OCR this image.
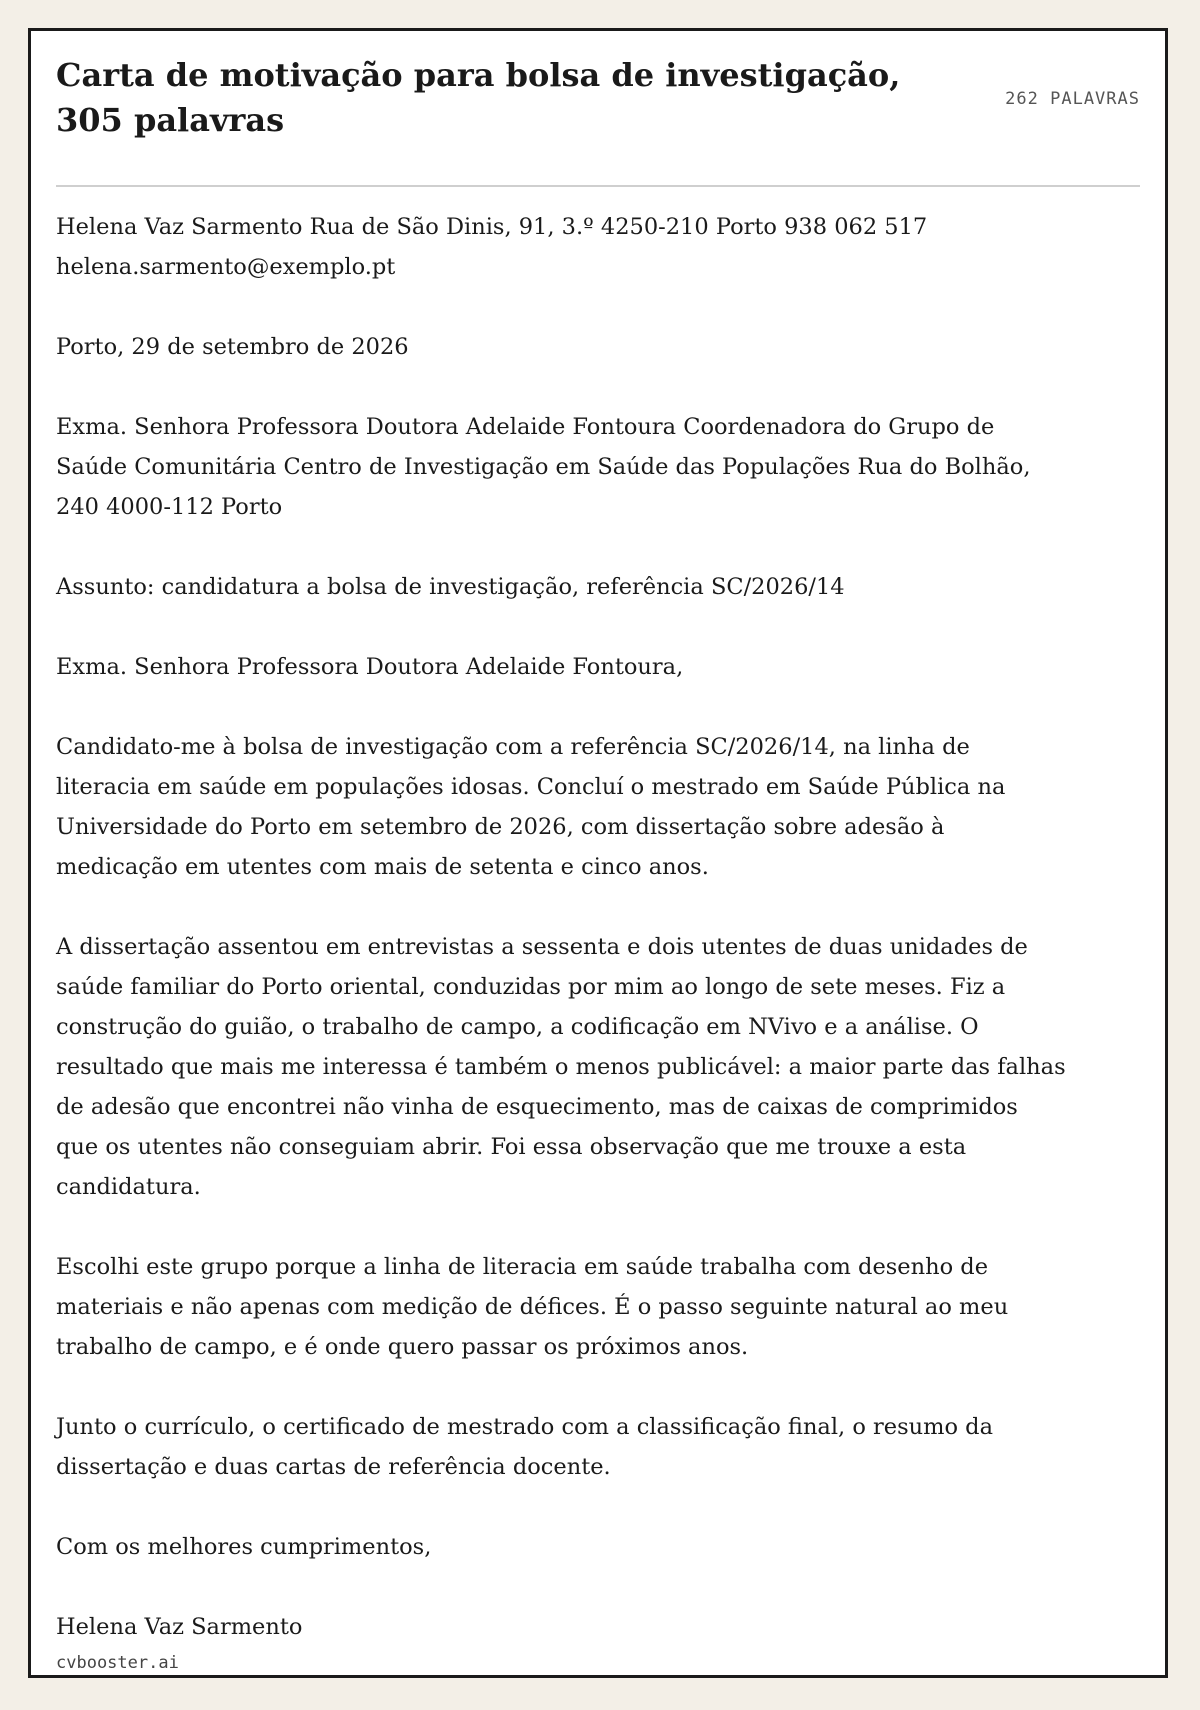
Carta de motivação para bolsa de investigação, 305 palavras
262 PALAVRAS

Helena Vaz Sarmento Rua de São Dinis, 91, 3.º 4250-210 Porto 938 062 517 helena.sarmento@exemplo.pt

Porto, 29 de setembro de 2026

Exma. Senhora Professora Doutora Adelaide Fontoura Coordenadora do Grupo de Saúde Comunitária Centro de Investigação em Saúde das Populações Rua do Bolhão, 240 4000-112 Porto

Assunto: candidatura a bolsa de investigação, referência SC/2026/14

Exma. Senhora Professora Doutora Adelaide Fontoura,

Candidato-me à bolsa de investigação com a referência SC/2026/14, na linha de literacia em saúde em populações idosas. Concluí o mestrado em Saúde Pública na Universidade do Porto em setembro de 2026, com dissertação sobre adesão à medicação em utentes com mais de setenta e cinco anos.

A dissertação assentou em entrevistas a sessenta e dois utentes de duas unidades de saúde familiar do Porto oriental, conduzidas por mim ao longo de sete meses. Fiz a construção do guião, o trabalho de campo, a codificação em NVivo e a análise. O resultado que mais me interessa é também o menos publicável: a maior parte das falhas de adesão que encontrei não vinha de esquecimento, mas de caixas de comprimidos que os utentes não conseguiam abrir. Foi essa observação que me trouxe a esta candidatura.

Escolhi este grupo porque a linha de literacia em saúde trabalha com desenho de materiais e não apenas com medição de défices. É o passo seguinte natural ao meu trabalho de campo, e é onde quero passar os próximos anos.

Junto o currículo, o certificado de mestrado com a classificação final, o resumo da dissertação e duas cartas de referência docente.

Com os melhores cumprimentos,

Helena Vaz Sarmento

cvbooster.ai
